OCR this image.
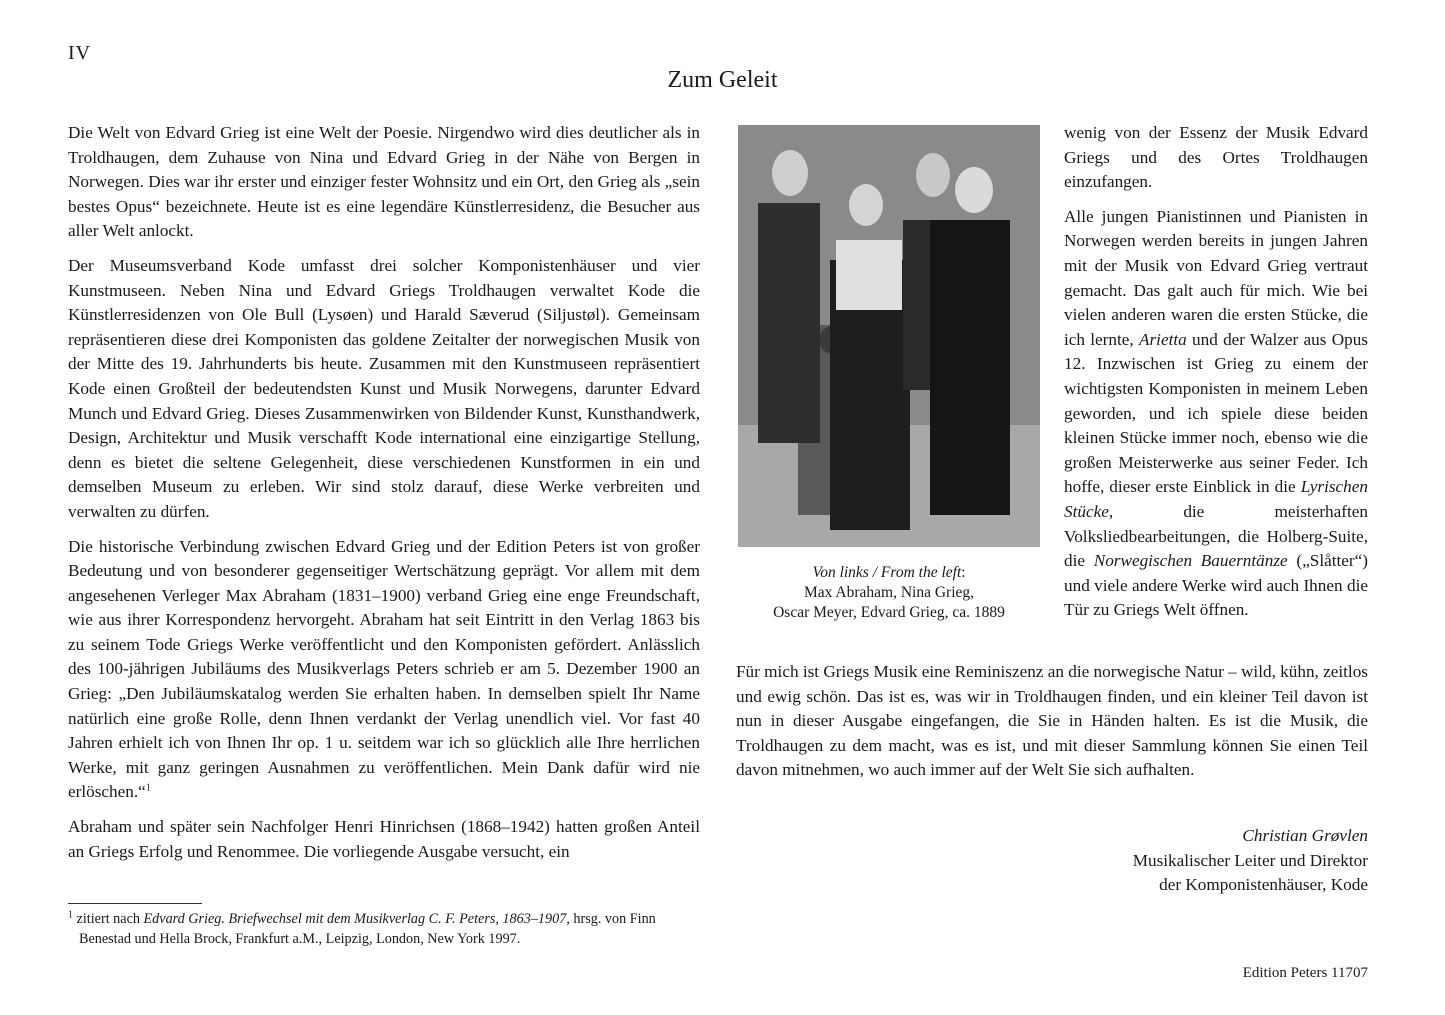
IV
Zum Geleit

Die Welt von Edvard Grieg ist eine Welt der Poesie. Nirgendwo wird dies deutlicher als in Troldhaugen, dem Zuhause von Nina und Edvard Grieg in der Nähe von Bergen in Norwegen. Dies war ihr erster und einziger fester Wohnsitz und ein Ort, den Grieg als „sein bestes Opus“ bezeichnete. Heute ist es eine legendäre Künstlerresidenz, die Besucher aus aller Welt anlockt.

Der Museumsverband Kode umfasst drei solcher Komponistenhäuser und vier Kunstmuseen. Neben Nina und Edvard Griegs Troldhaugen verwaltet Kode die Künstlerresidenzen von Ole Bull (Lysøen) und Harald Sæverud (Siljustøl). Gemeinsam repräsentieren diese drei Komponisten das goldene Zeitalter der norwegischen Musik von der Mitte des 19. Jahrhunderts bis heute. Zusammen mit den Kunstmuseen repräsentiert Kode einen Großteil der bedeutendsten Kunst und Musik Norwegens, darunter Edvard Munch und Edvard Grieg. Dieses Zusammenwirken von Bildender Kunst, Kunsthandwerk, Design, Architektur und Musik verschafft Kode international eine einzigartige Stellung, denn es bietet die seltene Gelegenheit, diese verschiedenen Kunstformen in ein und demselben Museum zu erleben. Wir sind stolz darauf, diese Werke verbreiten und verwalten zu dürfen.

Die historische Verbindung zwischen Edvard Grieg und der Edition Peters ist von großer Bedeutung und von besonderer gegenseitiger Wertschätzung geprägt. Vor allem mit dem angesehenen Verleger Max Abraham (1831–1900) verband Grieg eine enge Freundschaft, wie aus ihrer Korrespondenz hervorgeht. Abraham hat seit Eintritt in den Verlag 1863 bis zu seinem Tode Griegs Werke veröffentlicht und den Komponisten gefördert. Anlässlich des 100-jährigen Jubiläums des Musikverlags Peters schrieb er am 5. Dezember 1900 an Grieg: „Den Jubiläumskatalog werden Sie erhalten haben. In demselben spielt Ihr Name natürlich eine große Rolle, denn Ihnen verdankt der Verlag unendlich viel. Vor fast 40 Jahren erhielt ich von Ihnen Ihr op. 1 u. seitdem war ich so glücklich alle Ihre herrlichen Werke, mit ganz geringen Ausnahmen zu veröffentlichen. Mein Dank dafür wird nie erlöschen.“$^1$

Abraham und später sein Nachfolger Henri Hinrichsen (1868–1942) hatten großen Anteil an Griegs Erfolg und Renommee. Die vorliegende Ausgabe versucht, ein

Von links / From the left:
Max Abraham, Nina Grieg,
Oscar Meyer, Edvard Grieg, ca. 1889

wenig von der Essenz der Musik Edvard Griegs und des Ortes Troldhaugen einzufangen.

Alle jungen Pianistinnen und Pianisten in Norwegen werden bereits in jungen Jahren mit der Musik von Edvard Grieg vertraut gemacht. Das galt auch für mich. Wie bei vielen anderen waren die ersten Stücke, die ich lernte, Arietta und der Walzer aus Opus 12. Inzwischen ist Grieg zu einem der wichtigsten Komponisten in meinem Leben geworden, und ich spiele diese beiden kleinen Stücke immer noch, ebenso wie die großen Meisterwerke aus seiner Feder. Ich hoffe, dieser erste Einblick in die Lyrischen Stücke, die meisterhaften Volksliedbearbeitungen, die Holberg-Suite, die Norwegischen Bauerntänze („Slåtter“) und viele andere Werke wird auch Ihnen die Tür zu Griegs Welt öffnen.

Für mich ist Griegs Musik eine Reminiszenz an die norwegische Natur – wild, kühn, zeitlos und ewig schön. Das ist es, was wir in Troldhaugen finden, und ein kleiner Teil davon ist nun in dieser Ausgabe eingefangen, die Sie in Händen halten. Es ist die Musik, die Troldhaugen zu dem macht, was es ist, und mit dieser Sammlung können Sie einen Teil davon mitnehmen, wo auch immer auf der Welt Sie sich aufhalten.

Christian Grøvlen
Musikalischer Leiter und Direktor
der Komponistenhäuser, Kode
$^1$ zitiert nach Edvard Grieg. Briefwechsel mit dem Musikverlag C. F. Peters, 1863–1907, hrsg. von Finn
Benestad und Hella Brock, Frankfurt a.M., Leipzig, London, New York 1997.
Edition Peters 11707
